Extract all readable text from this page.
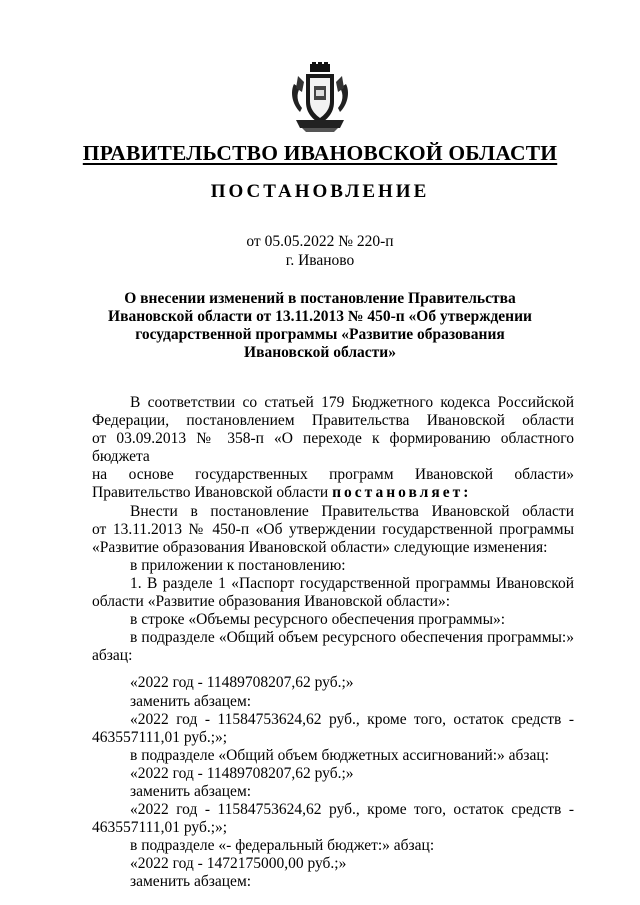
ПРАВИТЕЛЬСТВО ИВАНОВСКОЙ ОБЛАСТИ
ПОСТАНОВЛЕНИЕ
от 05.05.2022 № 220-п
г. Иваново
О внесении изменений в постановление Правительства
Ивановской области от 13.11.2013 № 450-п «Об утверждении
государственной программы «Развитие образования
Ивановской области»

В соответствии со статьей 179 Бюджетного кодекса Российской

Федерации, постановлением Правительства Ивановской области

от 03.09.2013 № 358-п «О переходе к формированию областного бюджета

на основе государственных программ Ивановской области»

Правительство Ивановской области постановляет:

Внести в постановление Правительства Ивановской области

от 13.11.2013 № 450-п «Об утверждении государственной программы

«Развитие образования Ивановской области» следующие изменения:

в приложении к постановлению:

1. В разделе 1 «Паспорт государственной программы Ивановской

области «Развитие образования Ивановской области»:

в строке «Объемы ресурсного обеспечения программы»:

в подразделе «Общий объем ресурсного обеспечения программы:»

абзац:

«2022 год - 11489708207,62 руб.;»

заменить абзацем:

«2022 год - 11584753624,62 руб., кроме того, остаток средств -

463557111,01 руб.;»;

в подразделе «Общий объем бюджетных ассигнований:» абзац:

«2022 год - 11489708207,62 руб.;»

заменить абзацем:

«2022 год - 11584753624,62 руб., кроме того, остаток средств -

463557111,01 руб.;»;

в подразделе «- федеральный бюджет:» абзац:

«2022 год - 1472175000,00 руб.;»

заменить абзацем:
